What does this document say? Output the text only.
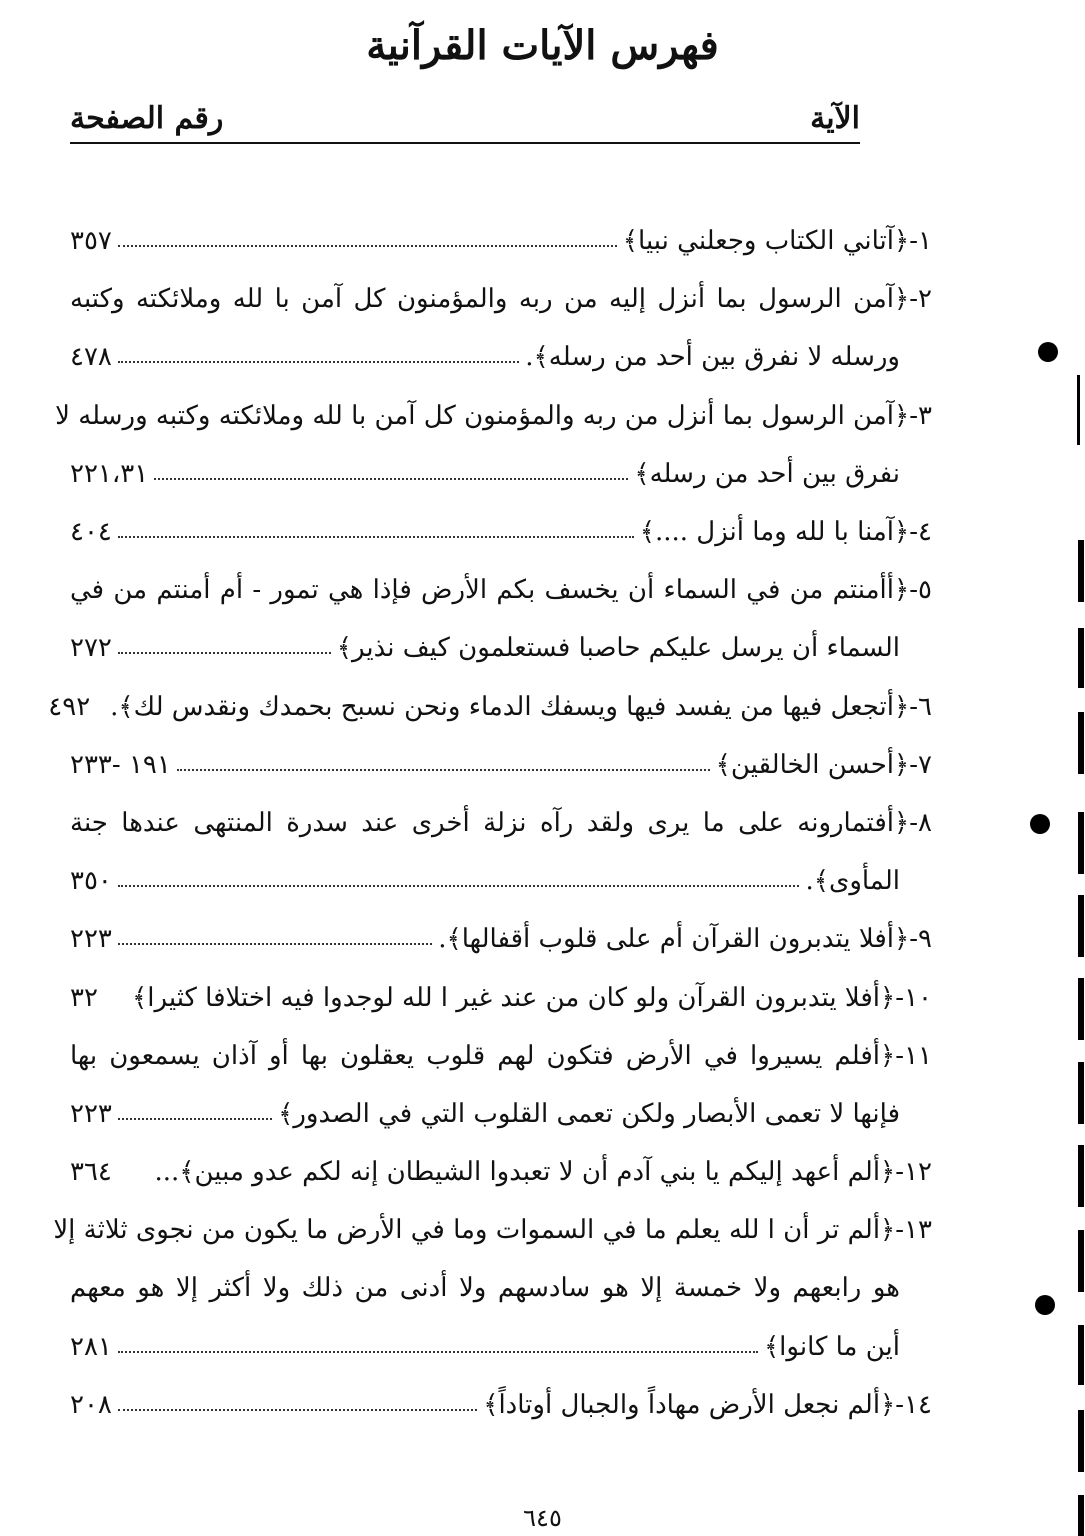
فهرس الآيات القرآنية
الآية
رقم الصفحة
١-﴿آتاني الكتاب وجعلني نبيا﴾
٣٥٧
٢-﴿آمن الرسول بما أنزل إليه من ربه والمؤمنون كل آمن با لله وملائكته وكتبه
ورسله لا نفرق بين أحد من رسله﴾.
٤٧٨
٣-﴿آمن الرسول بما أنزل من ربه والمؤمنون كل آمن با لله وملائكته وكتبه ورسله لا
نفرق بين أحد من رسله﴾
٢٢١،٣١
٤-﴿آمنا با لله وما أنزل ....﴾
٤٠٤
٥-﴿أأمنتم من في السماء أن يخسف بكم الأرض فإذا هي تمور - أم أمنتم من في
السماء أن يرسل عليكم حاصبا فستعلمون كيف نذير﴾
٢٧٢
٦-﴿أتجعل فيها من يفسد فيها ويسفك الدماء ونحن نسبح بحمدك ونقدس لك﴾.
٤٩٢
٧-﴿أحسن الخالقين﴾
١٩١ -٢٣٣
٨-﴿أفتمارونه على ما يرى ولقد رآه نزلة أخرى عند سدرة المنتهى عندها جنة
المأوى﴾.
٣٥٠
٩-﴿أفلا يتدبرون القرآن أم على قلوب أقفالها﴾.
٢٢٣
١٠-﴿أفلا يتدبرون القرآن ولو كان من عند غير ا لله لوجدوا فيه اختلافا كثيرا﴾
٣٢
١١-﴿أفلم يسيروا في الأرض فتكون لهم قلوب يعقلون بها أو آذان يسمعون بها
فإنها لا تعمى الأبصار ولكن تعمى القلوب التي في الصدور﴾
٢٢٣
١٢-﴿ألم أعهد إليكم يا بني آدم أن لا تعبدوا الشيطان إنه لكم عدو مبين﴾...
٣٦٤
١٣-﴿ألم تر أن ا لله يعلم ما في السموات وما في الأرض ما يكون من نجوى ثلاثة إلا
هو رابعهم ولا خمسة إلا هو سادسهم ولا أدنى من ذلك ولا أكثر إلا هو معهم
أين ما كانوا﴾
٢٨١
١٤-﴿ألم نجعل الأرض مهاداً والجبال أوتاداً﴾
٢٠٨
٦٤٥
